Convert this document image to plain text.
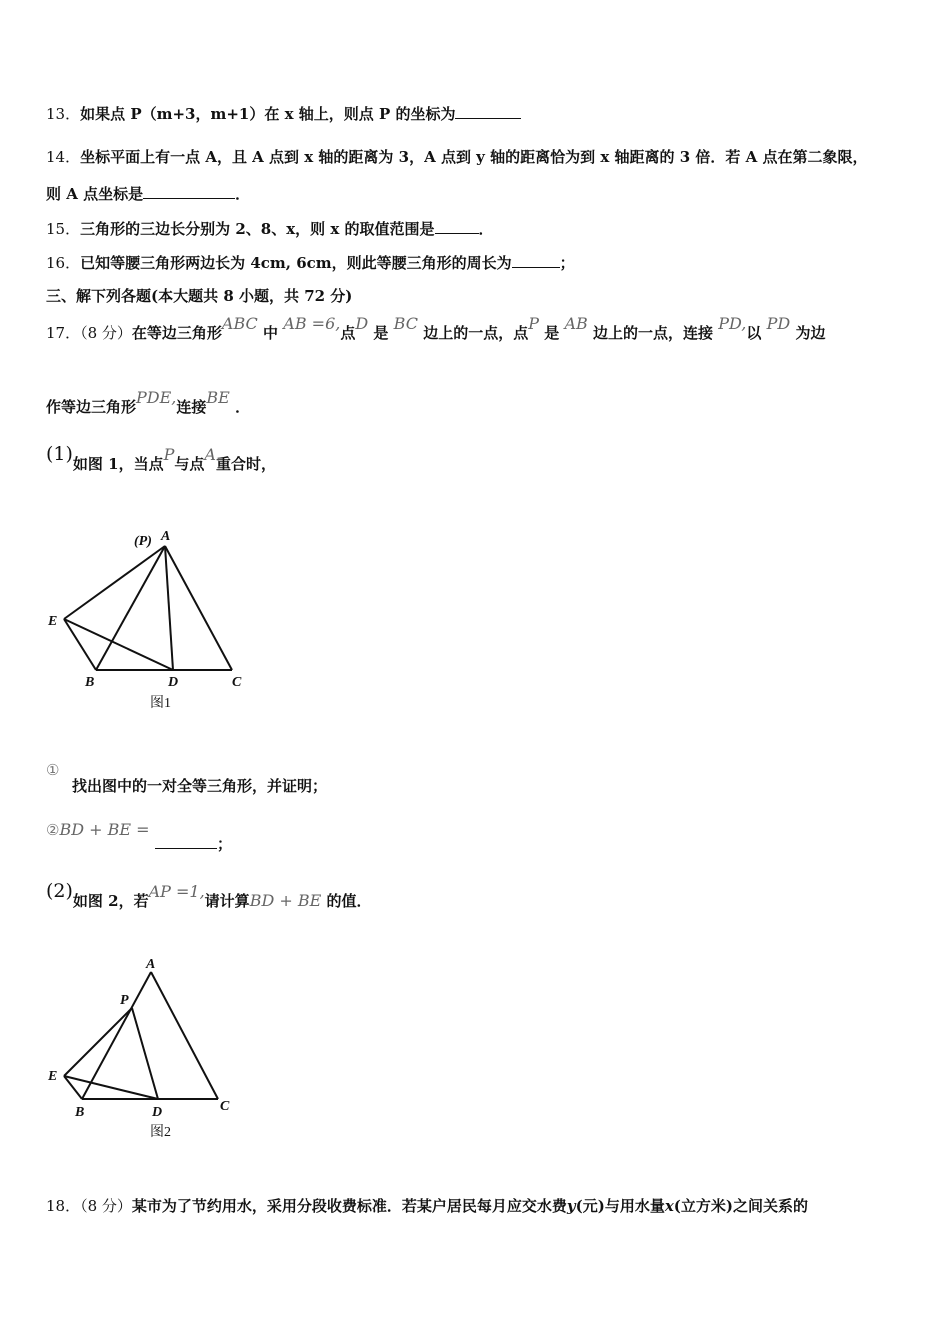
13．如果点 P（m+3，m+1）在 x 轴上，则点 P 的坐标为
14．坐标平面上有一点 A，且 A 点到 x 轴的距离为 3，A 点到 y 轴的距离恰为到 x 轴距离的 3 倍．若 A 点在第二象限，
则 A 点坐标是	．
15．三角形的三边长分别为 2、8、x，则 x 的取值范围是	．
16．已知等腰三角形两边长为 4cm, 6cm，则此等腰三角形的周长为	；
三、解下列各题(本大题共 8 小题，共 72 分)
17．（8 分）在等边三角形ABC 中 AB =6,点D 是 BC 边上的一点，点P 是 AB 边上的一点，连接 PD,以 PD 为边
作等边三角形PDE,连接BE ．
(1)如图 1，当点P与点A重合时，
(P) A
E
B	D	C
图1
①
找出图中的一对全等三角形，并证明；
②BD + BE =
；
(2)如图 2，若AP =1,请计算BD + BE 的值．
A
P
E
B	D	C
图2
18．（8 分）某市为了节约用水，采用分段收费标准．若某户居民每月应交水费y(元)与用水量x(立方米)之间关系的
